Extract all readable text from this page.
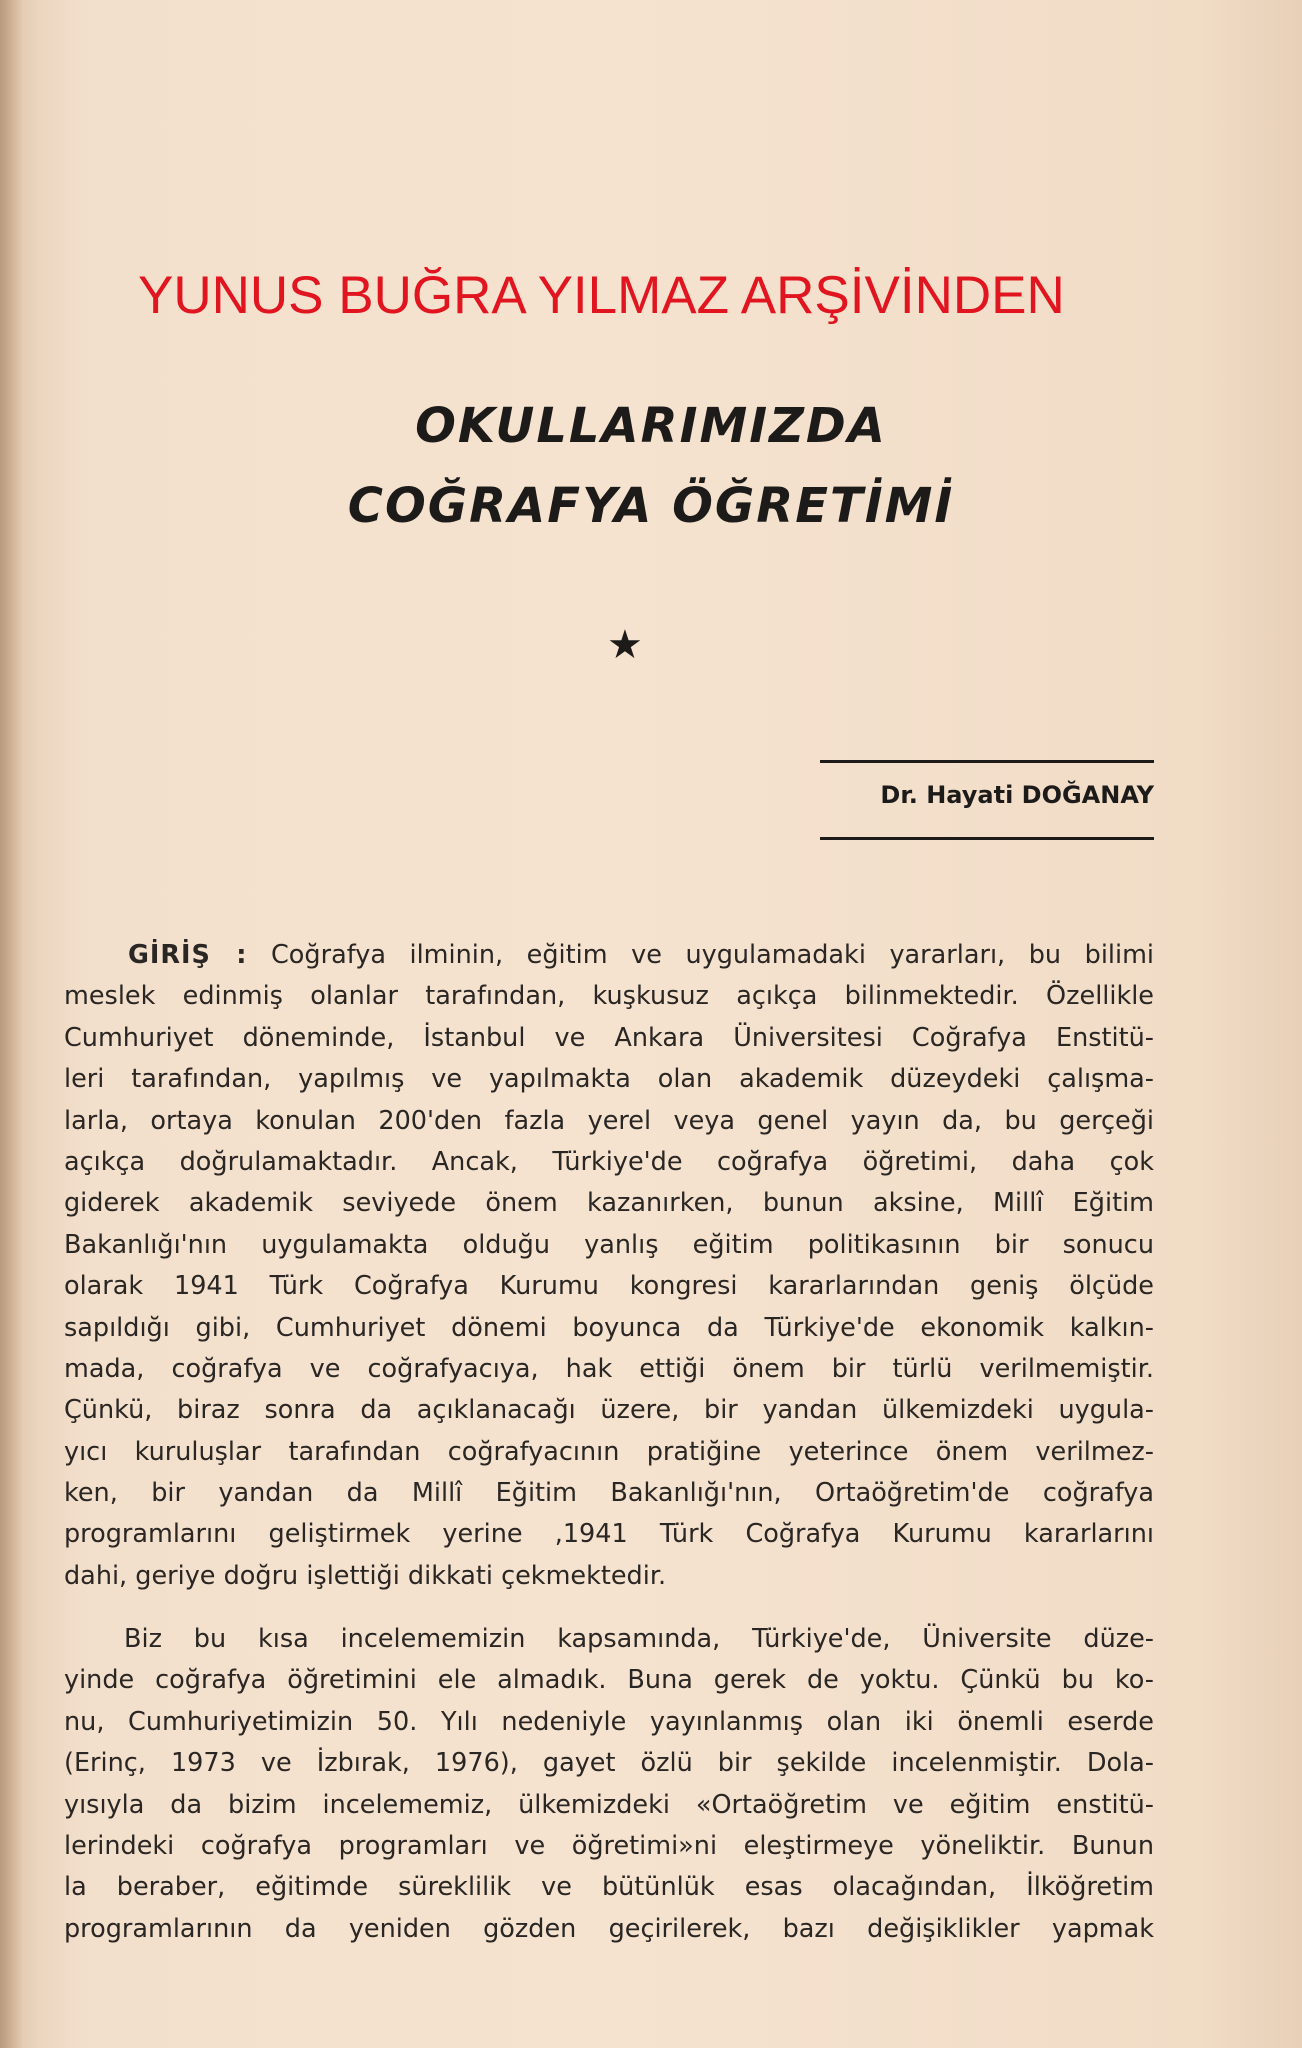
YUNUS BUĞRA YILMAZ ARŞİVİNDEN
OKULLARIMIZDA
COĞRAFYA ÖĞRETİMİ
★
Dr. Hayati DOĞANAY
GİRİŞ : Coğrafya ilminin, eğitim ve uygulamadaki yararları, bu bilimi
meslek edinmiş olanlar tarafından, kuşkusuz açıkça bilinmektedir. Özellikle
Cumhuriyet döneminde, İstanbul ve Ankara Üniversitesi Coğrafya Enstitü-
leri tarafından, yapılmış ve yapılmakta olan akademik düzeydeki çalışma-
larla, ortaya konulan 200'den fazla yerel veya genel yayın da, bu gerçeği
açıkça doğrulamaktadır. Ancak, Türkiye'de coğrafya öğretimi, daha çok
giderek akademik seviyede önem kazanırken, bunun aksine, Millî Eğitim
Bakanlığı'nın uygulamakta olduğu yanlış eğitim politikasının bir sonucu
olarak 1941 Türk Coğrafya Kurumu kongresi kararlarından geniş ölçüde
sapıldığı gibi, Cumhuriyet dönemi boyunca da Türkiye'de ekonomik kalkın-
mada, coğrafya ve coğrafyacıya, hak ettiği önem bir türlü verilmemiştir.
Çünkü, biraz sonra da açıklanacağı üzere, bir yandan ülkemizdeki uygula-
yıcı kuruluşlar tarafından coğrafyacının pratiğine yeterince önem verilmez-
ken, bir yandan da Millî Eğitim Bakanlığı'nın, Ortaöğretim'de coğrafya
programlarını geliştirmek yerine ,1941 Türk Coğrafya Kurumu kararlarını
dahi, geriye doğru işlettiği dikkati çekmektedir.
Biz bu kısa incelememizin kapsamında, Türkiye'de, Üniversite düze-
yinde coğrafya öğretimini ele almadık. Buna gerek de yoktu. Çünkü bu ko-
nu, Cumhuriyetimizin 50. Yılı nedeniyle yayınlanmış olan iki önemli eserde
(Erinç, 1973 ve İzbırak, 1976), gayet özlü bir şekilde incelenmiştir. Dola-
yısıyla da bizim incelememiz, ülkemizdeki «Ortaöğretim ve eğitim enstitü-
lerindeki coğrafya programları ve öğretimi»ni eleştirmeye yöneliktir. Bunun
la beraber, eğitimde süreklilik ve bütünlük esas olacağından, İlköğretim
programlarının da yeniden gözden geçirilerek, bazı değişiklikler yapmak
